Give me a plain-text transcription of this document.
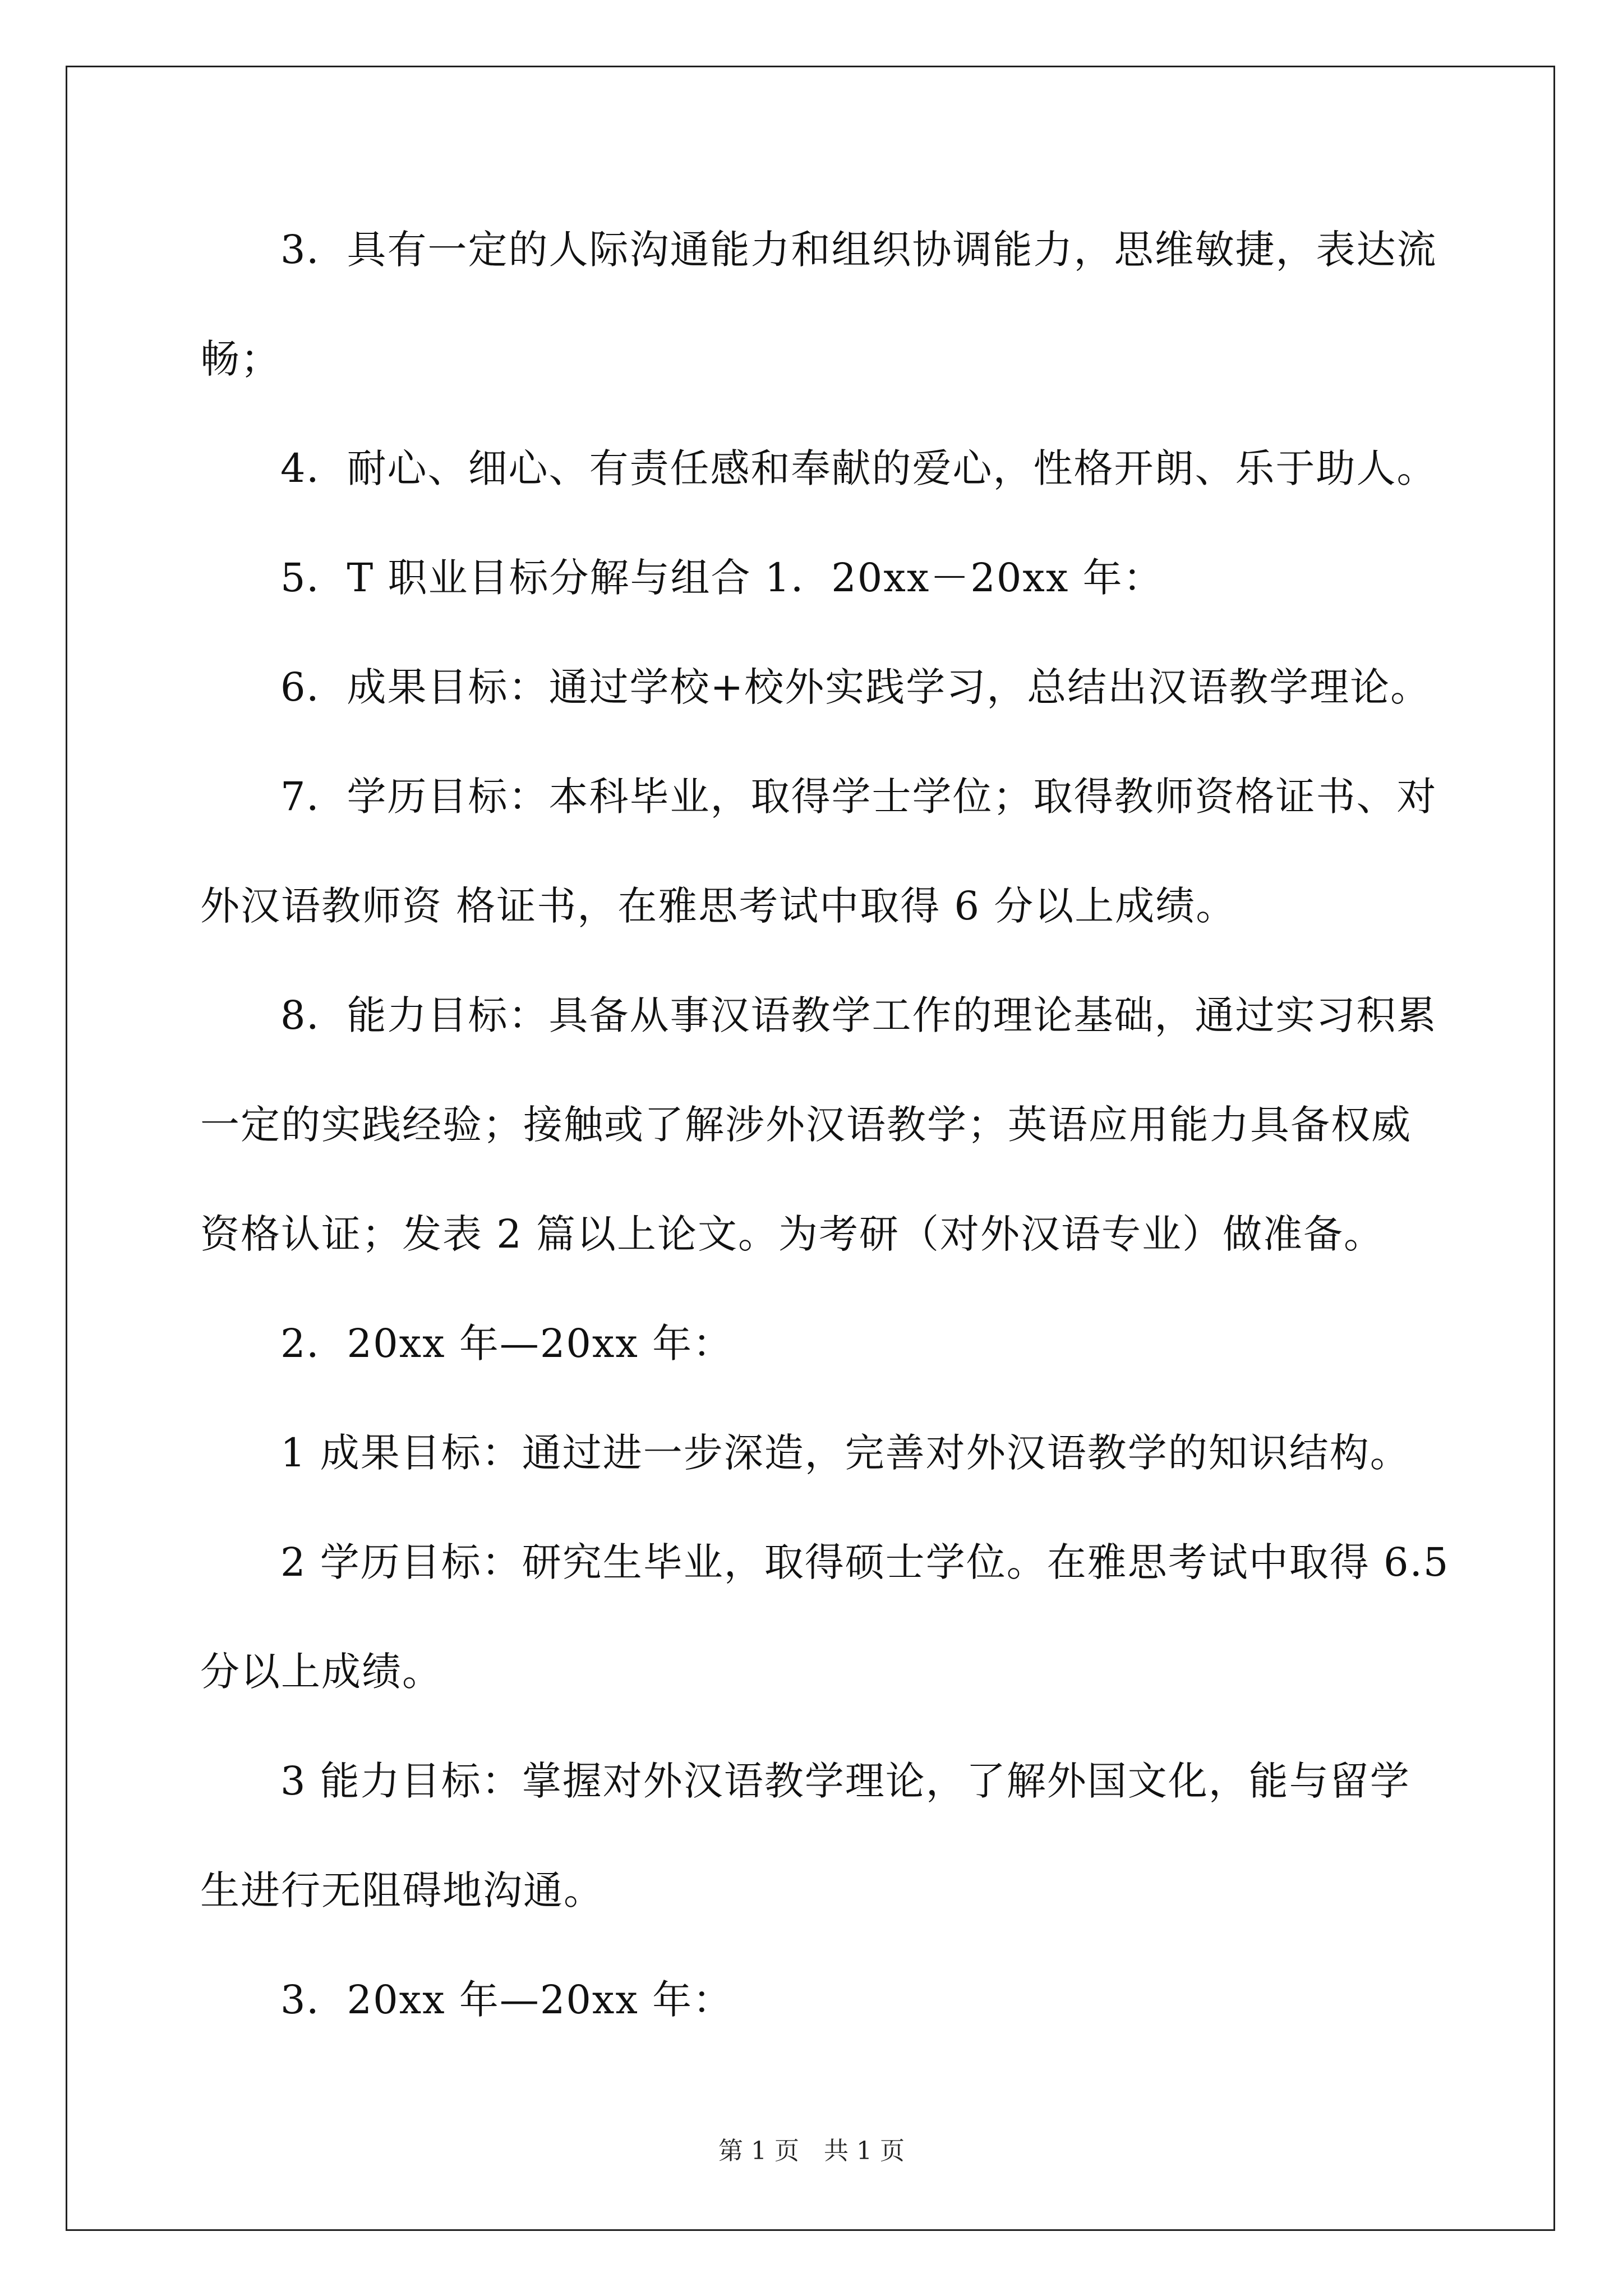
3．具有一定的人际沟通能力和组织协调能力，思维敏捷，表达流
畅；
4．耐心、细心、有责任感和奉献的爱心，性格开朗、乐于助人。
5．T 职业目标分解与组合 1．20xx－20xx 年：
6．成果目标：通过学校+校外实践学习，总结出汉语教学理论。
7．学历目标：本科毕业，取得学士学位；取得教师资格证书、对
外汉语教师资 格证书，在雅思考试中取得 6 分以上成绩。
8．能力目标：具备从事汉语教学工作的理论基础，通过实习积累
一定的实践经验；接触或了解涉外汉语教学；英语应用能力具备权威
资格认证；发表 2 篇以上论文。为考研（对外汉语专业）做准备。
2．20xx 年—20xx 年：
1 成果目标：通过进一步深造，完善对外汉语教学的知识结构。
2 学历目标：研究生毕业，取得硕士学位。在雅思考试中取得 6.5
分以上成绩。
3 能力目标：掌握对外汉语教学理论，了解外国文化，能与留学
生进行无阻碍地沟通。
3．20xx 年—20xx 年：
第 1 页　共 1 页
